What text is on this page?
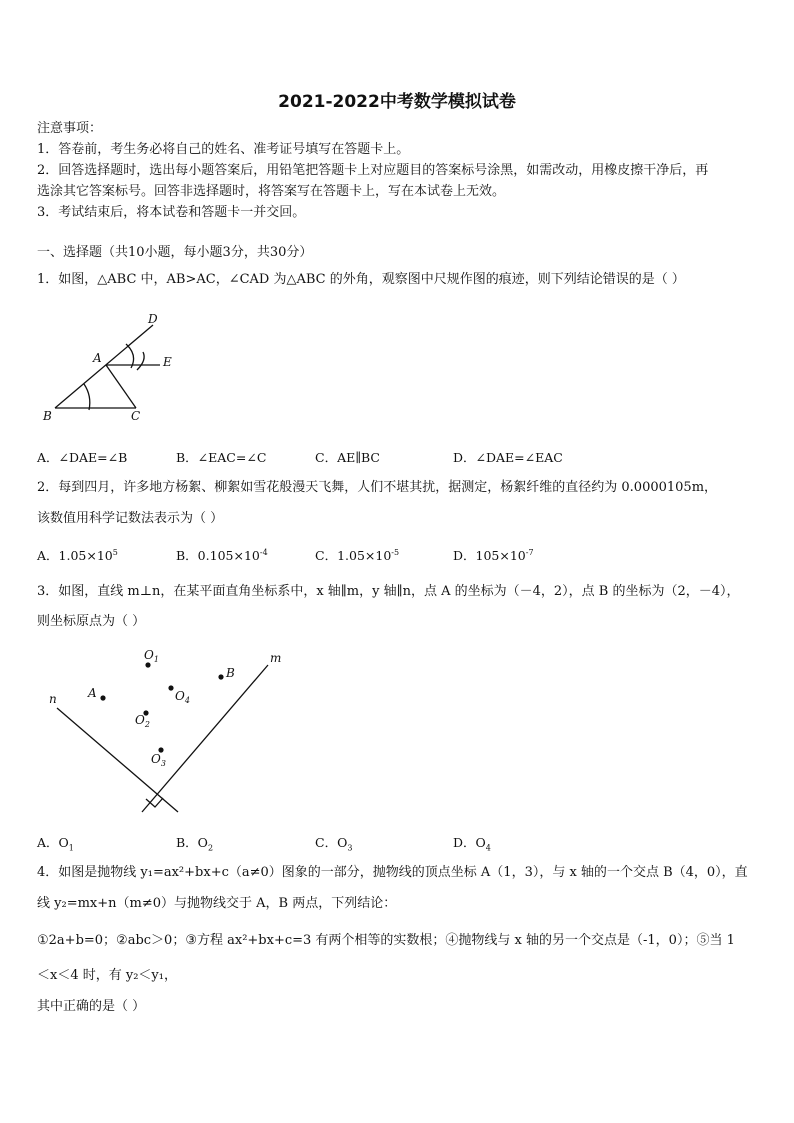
2021-2022中考数学模拟试卷
注意事项：
1．答卷前，考生务必将自己的姓名、准考证号填写在答题卡上。
2．回答选择题时，选出每小题答案后，用铅笔把答题卡上对应题目的答案标号涂黑，如需改动，用橡皮擦干净后，再
选涂其它答案标号。回答非选择题时，将答案写在答题卡上，写在本试卷上无效。
3．考试结束后，将本试卷和答题卡一并交回。
一、选择题（共10小题，每小题3分，共30分）
1．如图，△ABC 中，AB>AC，∠CAD 为△ABC 的外角，观察图中尺规作图的痕迹，则下列结论错误的是（ ）
D
A	E
B	C
A．∠DAE=∠B	B．∠EAC=∠C	C．AE∥BC	D．∠DAE=∠EAC
2．每到四月，许多地方杨絮、柳絮如雪花般漫天飞舞，人们不堪其扰，据测定，杨絮纤维的直径约为 0.0000105m，
该数值用科学记数法表示为（ ）
A．$1.05\times 10^5$	B．$0.105\times 10^{-4}$	C．$1.05\times 10^{-5}$	D．$105\times 10^{-7}$
3．如图，直线 m⊥n，在某平面直角坐标系中，x 轴∥m，y 轴∥n，点 A 的坐标为（－4，2），点 B 的坐标为（2，－4），
则坐标原点为（ ）
m
n	A
B
$O_1$
$O_4$
$O_2$
$O_3$
A．$O_1$	B．$O_2$	C．$O_3$	D．$O_4$
4．如图是抛物线 y₁=ax²+bx+c（a≠0）图象的一部分，抛物线的顶点坐标 A（1，3），与 x 轴的一个交点 B（4，0），直
线 y₂=mx+n（m≠0）与抛物线交于 A，B 两点，下列结论：
①2a+b=0；②abc＞0；③方程 ax²+bx+c=3 有两个相等的实数根；④抛物线与 x 轴的另一个交点是（-1，0）；⑤当 1
＜x＜4 时，有 y₂＜y₁，
其中正确的是（ ）
